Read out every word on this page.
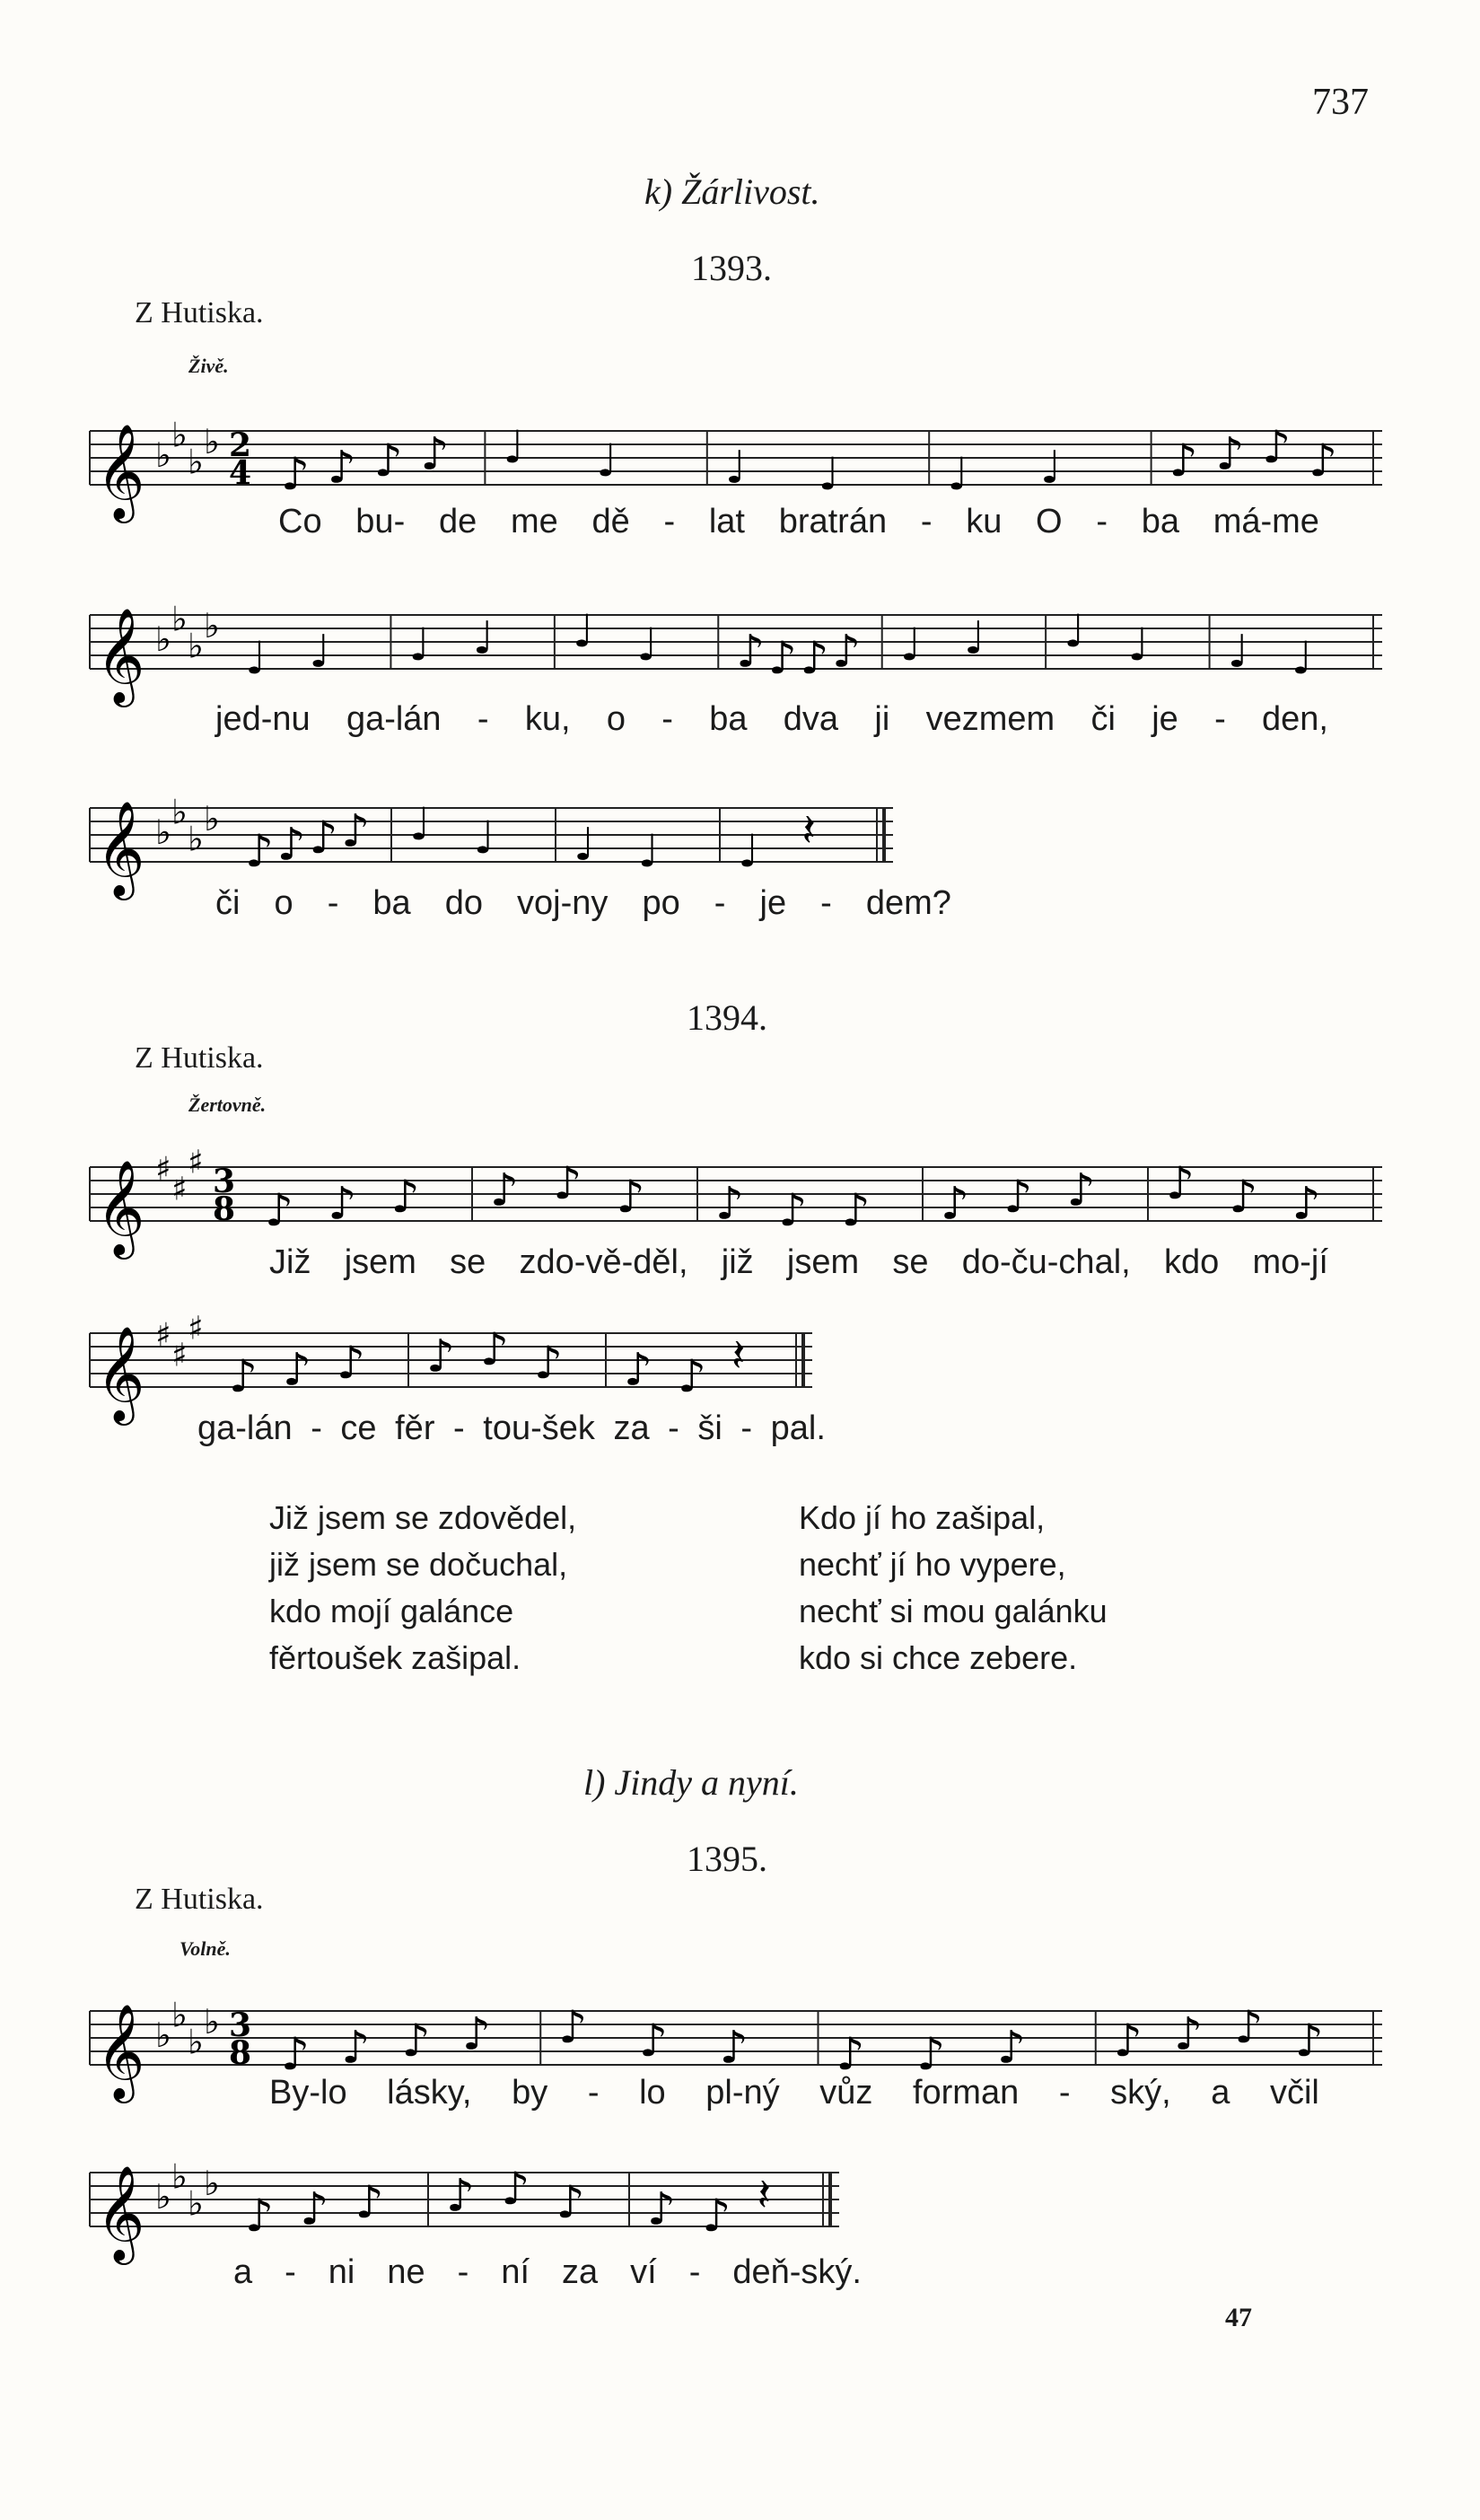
737
k) Žárlivost.
1393.
Z Hutiska.
Živě.
𝄞 ♭
♭
♭
♭ 2
4 ♪ ♪ ♪ ♪ ♩ ♩ ♩ ♩ ♩ ♩ ♪ ♪ ♪ ♪
Co bu- de me dě - lat bratrán - ku O - ba má-me
𝄞 ♭
♭
♭
♭
♩ ♩ ♩ ♩ ♩ ♩ ♪ ♪ ♪ ♪ ♩ ♩ ♩ ♩ ♩ ♩
jed-nu ga-lán - ku, o - ba dva ji vezmem či je - den,
𝄞 ♭
♭
♭
♭
♪ ♪ ♪ ♪ ♩ ♩ ♩ ♩ ♩ 𝄽
či o - ba do voj-ny po - je - dem?
1394.
Z Hutiska.
Žertovně.
𝄞 ♯
♯
♯ 3
8 ♪ ♪ ♪ ♪ ♪ ♪ ♪ ♪ ♪ ♪ ♪ ♪ ♪ ♪ ♪
Již jsem se zdo-vě-děl, již jsem se do-ču-chal, kdo mo-jí
𝄞 ♯
♯
♯
♪ ♪ ♪ ♪ ♪ ♪ ♪ ♪ 𝄽
ga-lán - ce fěr - tou-šek za - ši - pal.
Již jsem se zdovědel,
již jsem se dočuchal,
kdo mojí galánce
fěrtoušek zašipal.
Kdo jí ho zašipal,
nechť jí ho vypere,
nechť si mou galánku
kdo si chce zebere.
l) Jindy a nyní.
1395.
Z Hutiska.
Volně.
𝄞 ♭
♭
♭
♭ 3
8 ♪ ♪ ♪ ♪ ♪ ♪ ♪ ♪ ♪ ♪ ♪ ♪ ♪ ♪
By-lo lásky, by - lo pl-ný vůz forman - ský, a včil
𝄞 ♭
♭
♭
♭
♪ ♪ ♪ ♪ ♪ ♪ ♪ ♪ 𝄽
a - ni ne - ní za ví - deň-ský.
47
